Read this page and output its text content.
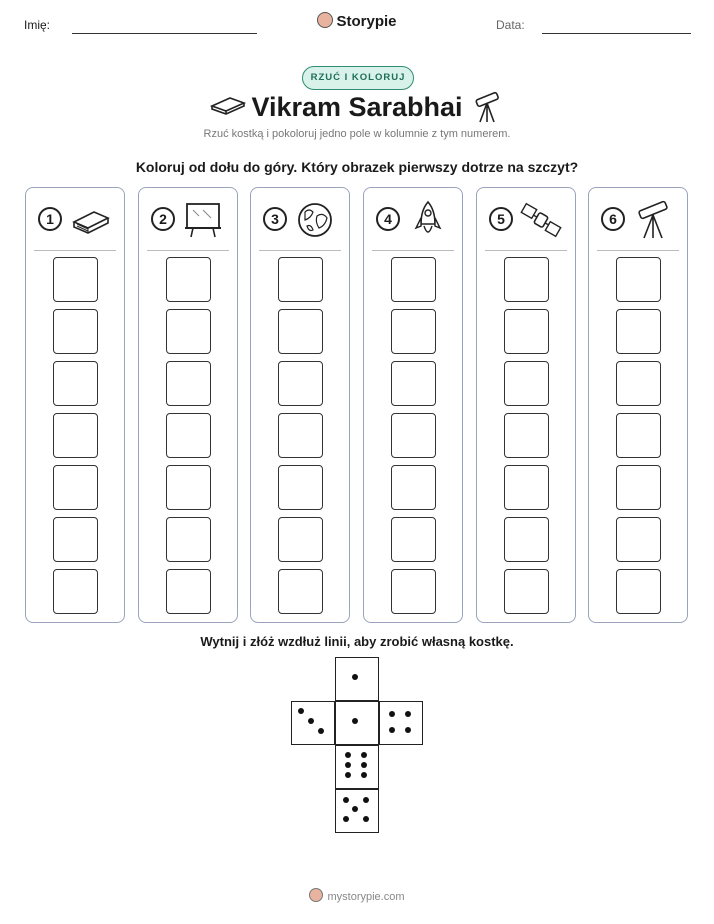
Imię:	Storypie	Data:
RZUĆ I KOLORUJ
Vikram Sarabhai
Rzuć kostką i pokoloruj jedno pole w kolumnie z tym numerem.
Koloruj od dołu do góry. Który obrazek pierwszy dotrze na szczyt?
1	2	3	4	5	6
Wytnij i złóż wzdłuż linii, aby zrobić własną kostkę.
mystorypie.com
